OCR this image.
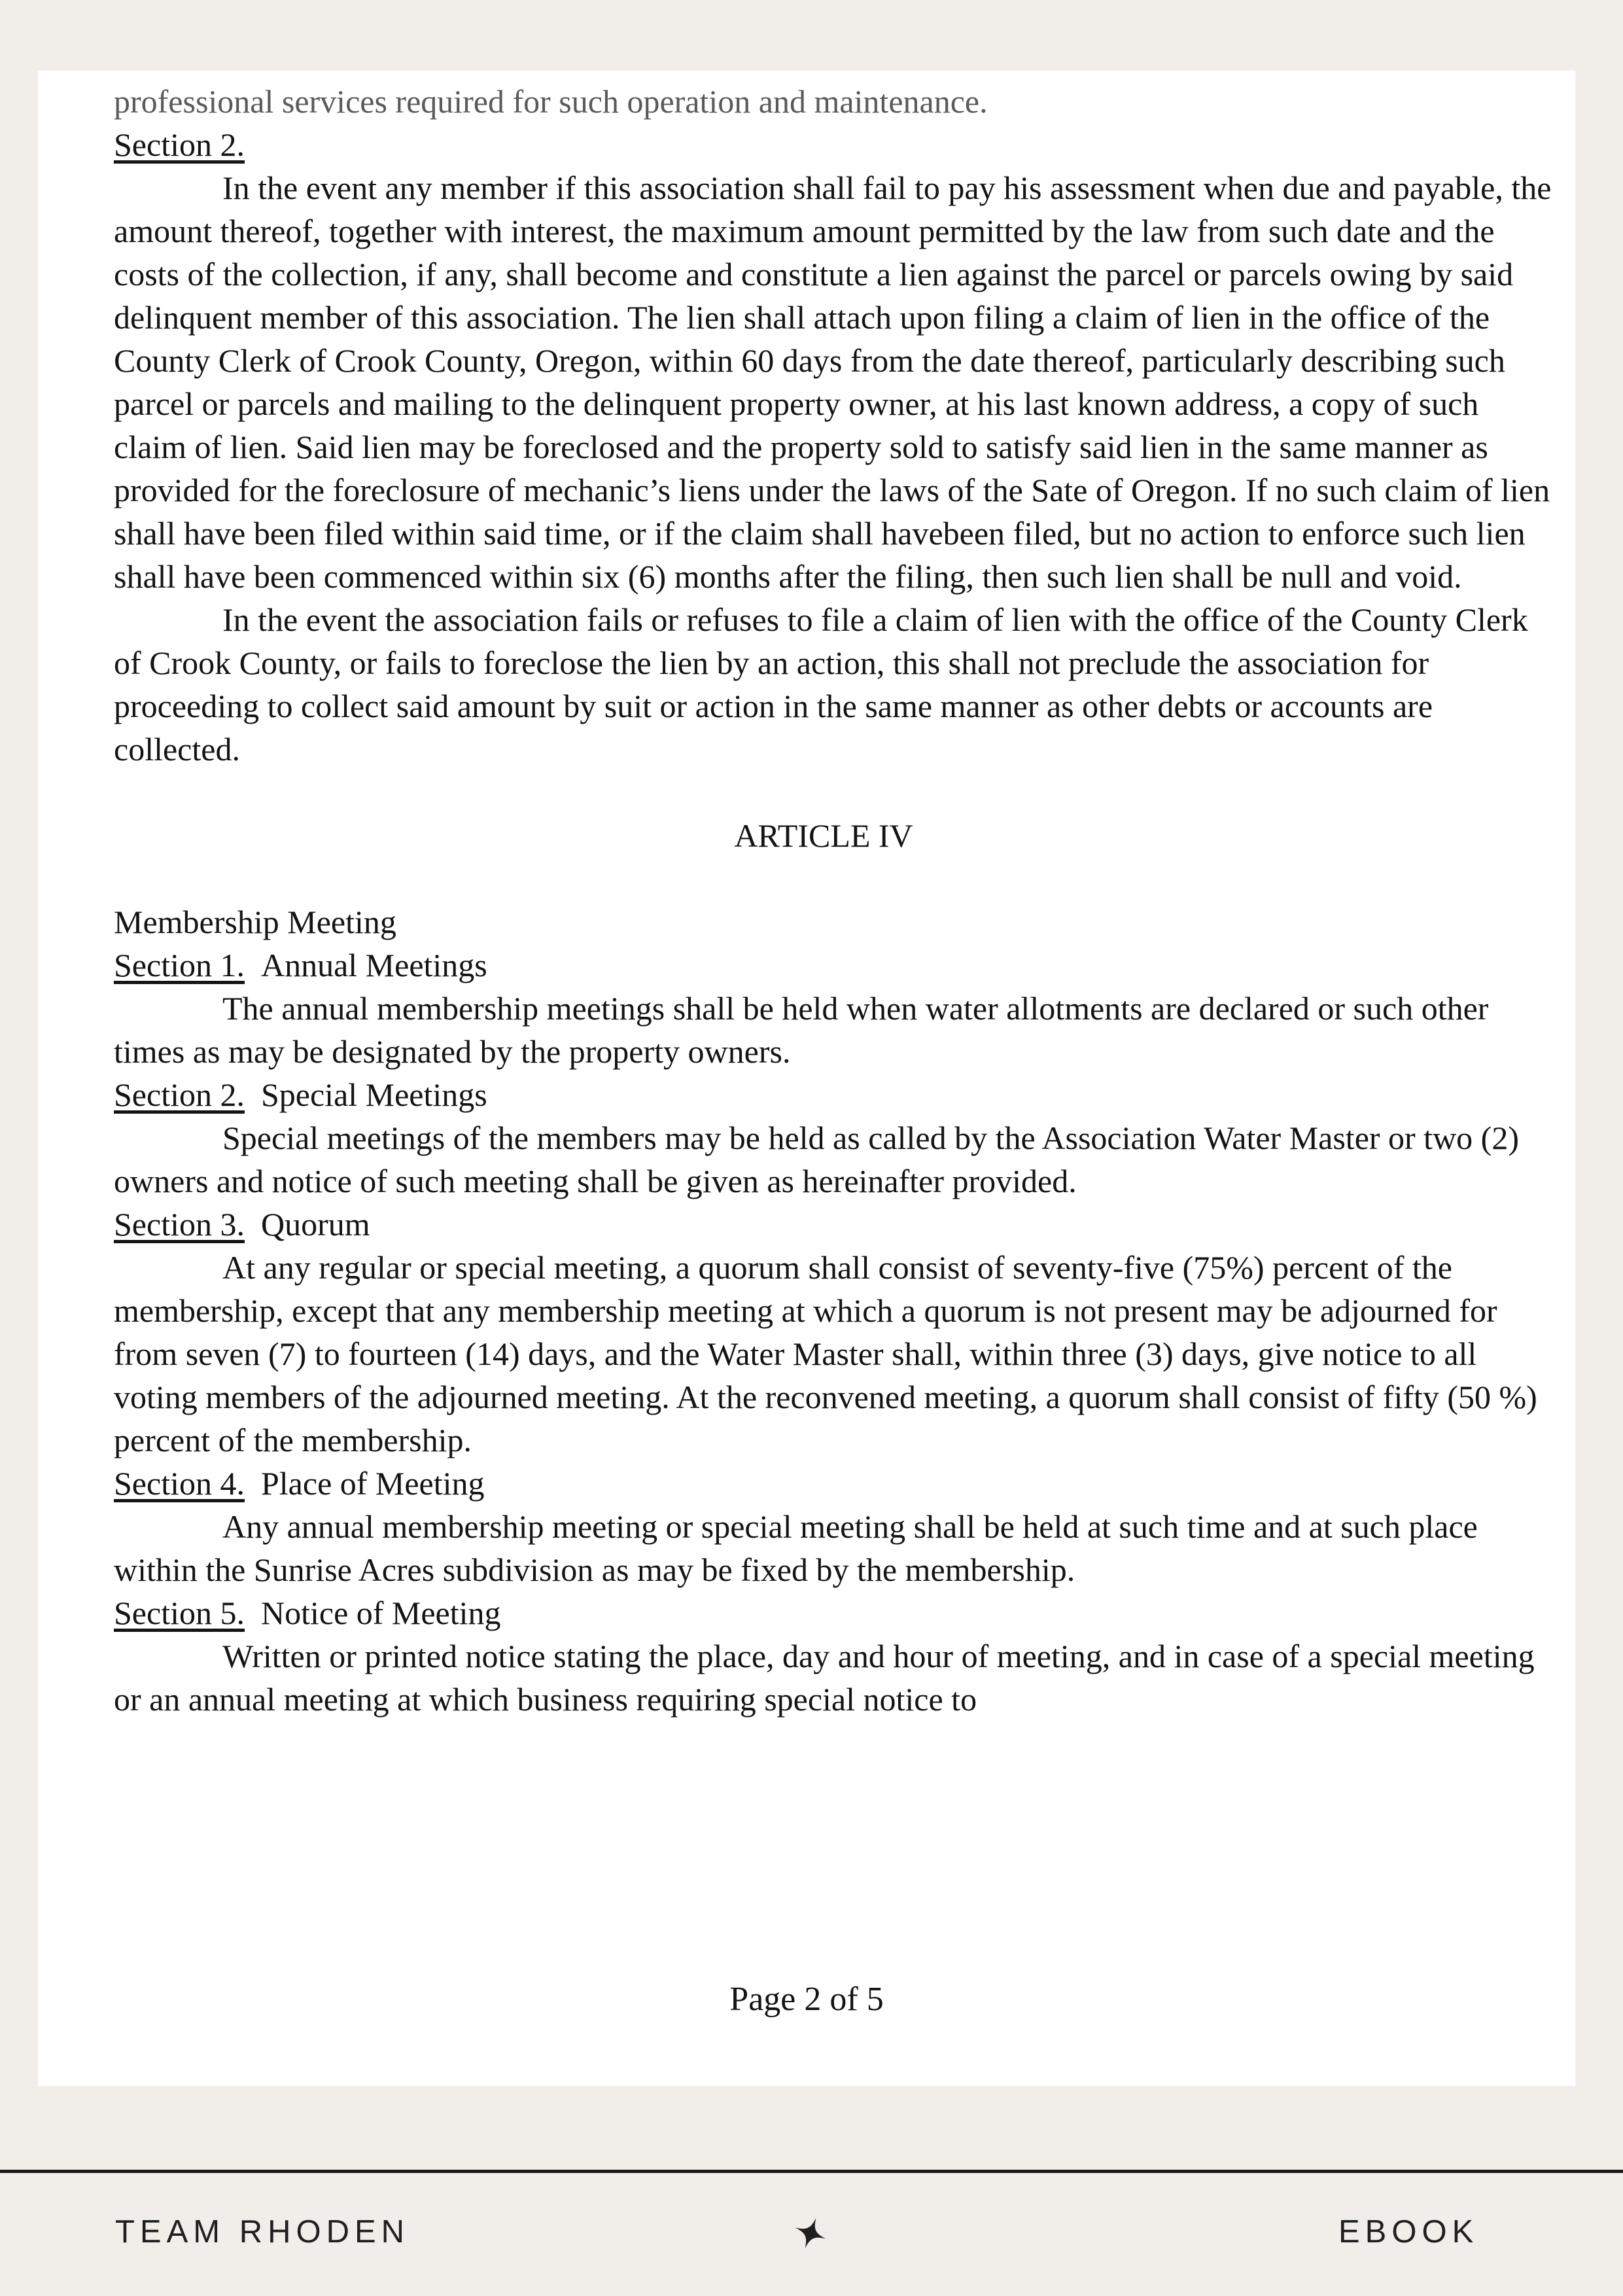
professional services required for such operation and maintenance.

Section 2.

In the event any member if this association shall fail to pay his assessment when due and payable, the amount thereof, together with interest, the maximum amount permitted by the law from such date and the costs of the collection, if any, shall become and constitute a lien against the parcel or parcels owing by said delinquent member of this association. The lien shall attach upon filing a claim of lien in the office of the County Clerk of Crook County, Oregon, within 60 days from the date thereof, particularly describing such parcel or parcels and mailing to the delinquent property owner, at his last known address, a copy of such claim of lien. Said lien may be foreclosed and the property sold to satisfy said lien in the same manner as provided for the foreclosure of mechanic’s liens under the laws of the Sate of Oregon. If no such claim of lien shall have been filed within said time, or if the claim shall havebeen filed, but no action to enforce such lien shall have been commenced within six (6) months after the filing, then such lien shall be null and void.

In the event the association fails or refuses to file a claim of lien with the office of the County Clerk of Crook County, or fails to foreclose the lien by an action, this shall not preclude the association for proceeding to collect said amount by suit or action in the same manner as other debts or accounts are collected.

ARTICLE IV

Membership Meeting

Section 1.  Annual Meetings

The annual membership meetings shall be held when water allotments are declared or such other times as may be designated by the property owners.

Section 2.  Special Meetings

Special meetings of the members may be held as called by the Association Water Master or two (2) owners and notice of such meeting shall be given as hereinafter provided.

Section 3.  Quorum

At any regular or special meeting, a quorum shall consist of seventy-five (75%) percent of the membership, except that any membership meeting at which a quorum is not present may be adjourned for from seven (7) to fourteen (14) days, and the Water Master shall, within three (3) days, give notice to all voting members of the adjourned meeting. At the reconvened meeting, a quorum shall consist of fifty (50 %) percent of the membership.

Section 4.  Place of Meeting

Any annual membership meeting or special meeting shall be held at such time and at such place within the Sunrise Acres subdivision as may be fixed by the membership.

Section 5.  Notice of Meeting

Written or printed notice stating the place, day and hour of meeting, and in case of a special meeting or an annual meeting at which business requiring special notice to

Page 2 of 5
TEAM RHODEN	EBOOK
